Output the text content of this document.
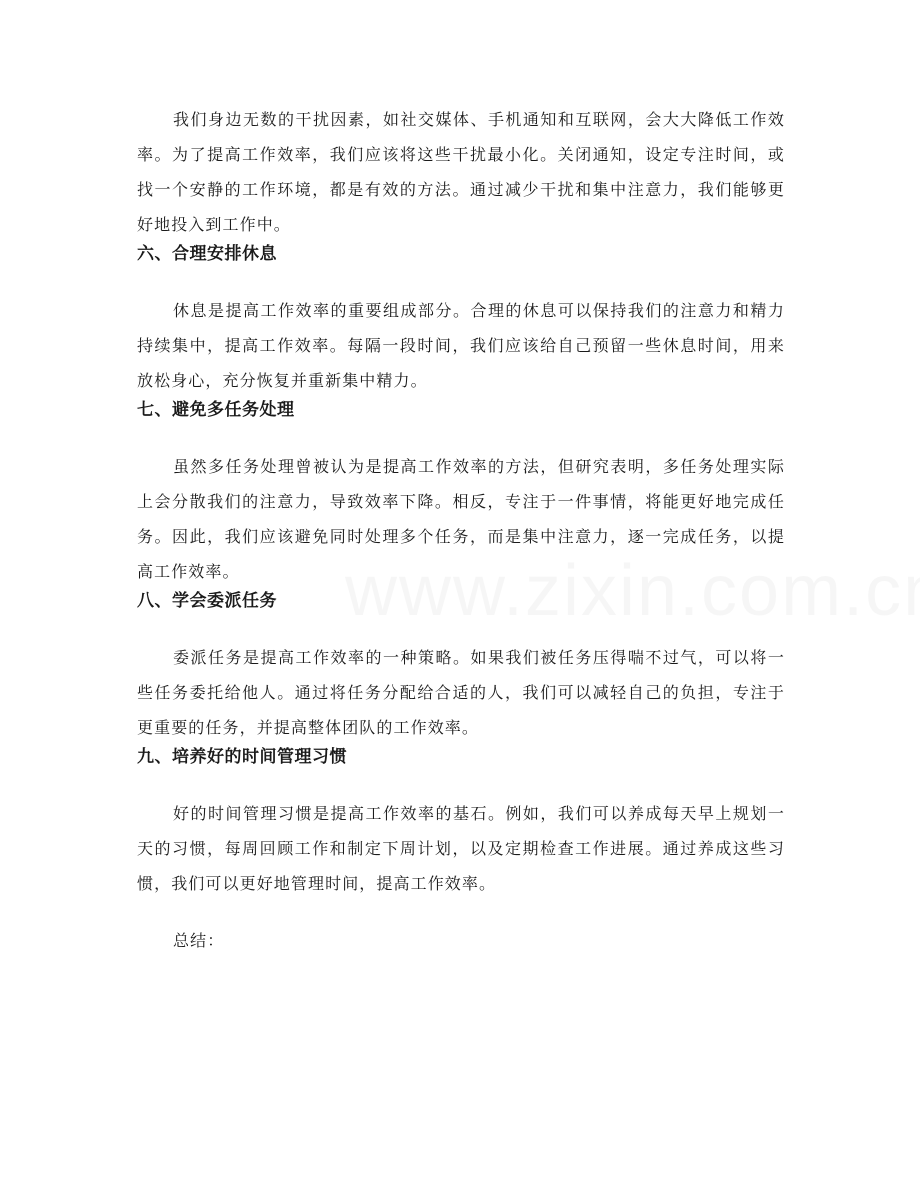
我们身边无数的干扰因素，如社交媒体、手机通知和互联网，会大大降低工作效率。为了提高工作效率，我们应该将这些干扰最小化。关闭通知，设定专注时间，或找一个安静的工作环境，都是有效的方法。通过减少干扰和集中注意力，我们能够更好地投入到工作中。

六、合理安排休息

休息是提高工作效率的重要组成部分。合理的休息可以保持我们的注意力和精力持续集中，提高工作效率。每隔一段时间，我们应该给自己预留一些休息时间，用来放松身心，充分恢复并重新集中精力。

七、避免多任务处理

虽然多任务处理曾被认为是提高工作效率的方法，但研究表明，多任务处理实际上会分散我们的注意力，导致效率下降。相反，专注于一件事情，将能更好地完成任务。因此，我们应该避免同时处理多个任务，而是集中注意力，逐一完成任务，以提高工作效率。

八、学会委派任务

委派任务是提高工作效率的一种策略。如果我们被任务压得喘不过气，可以将一些任务委托给他人。通过将任务分配给合适的人，我们可以减轻自己的负担，专注于更重要的任务，并提高整体团队的工作效率。

九、培养好的时间管理习惯

好的时间管理习惯是提高工作效率的基石。例如，我们可以养成每天早上规划一天的习惯，每周回顾工作和制定下周计划，以及定期检查工作进展。通过养成这些习惯，我们可以更好地管理时间，提高工作效率。

总结：
